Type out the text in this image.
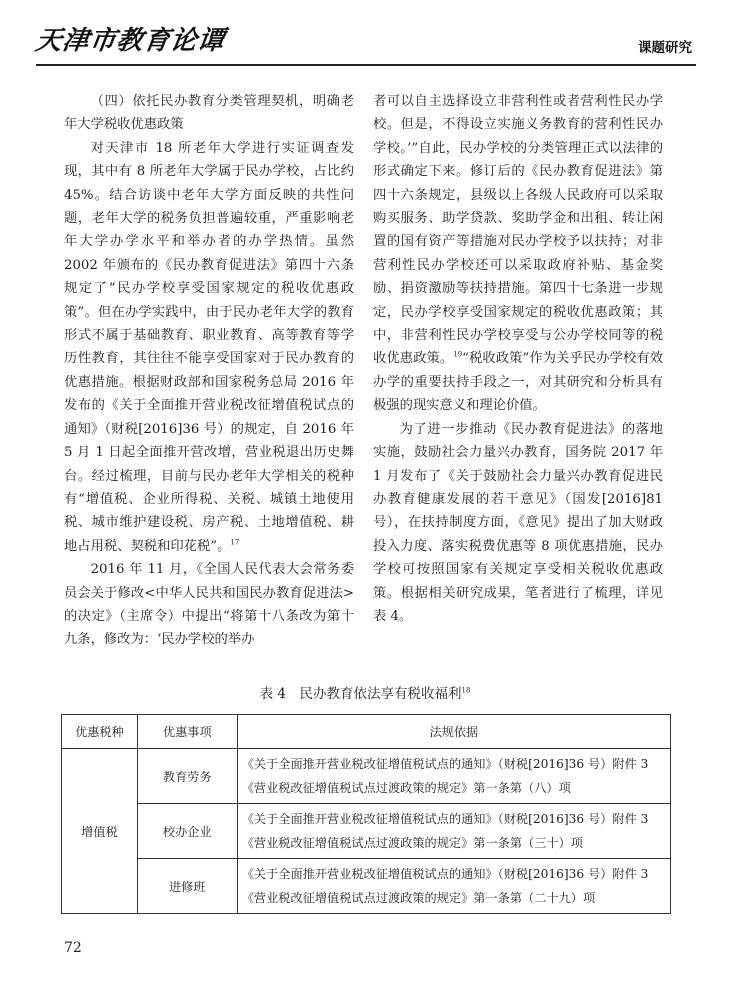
天津市教育论谭	课题研究

（四）依托民办教育分类管理契机，明确老年大学税收优惠政策

对天津市 18 所老年大学进行实证调查发现，其中有 8 所老年大学属于民办学校，占比约 45%。结合访谈中老年大学方面反映的共性问题，老年大学的税务负担普遍较重，严重影响老年大学办学水平和举办者的办学热情。虽然 2002 年颁布的《民办教育促进法》第四十六条规定了“民办学校享受国家规定的税收优惠政策”。但在办学实践中，由于民办老年大学的教育形式不属于基础教育、职业教育、高等教育等学历性教育，其往往不能享受国家对于民办教育的优惠措施。根据财政部和国家税务总局 2016 年发布的《关于全面推开营业税改征增值税试点的通知》（财税[2016]36 号）的规定，自 2016 年 5 月 1 日起全面推开营改增，营业税退出历史舞台。经过梳理，目前与民办老年大学相关的税种有“增值税、企业所得税、关税、城镇土地使用税、城市维护建设税、房产税、土地增值税、耕地占用税、契税和印花税”。$^{17}$

2016 年 11 月，《全国人民代表大会常务委员会关于修改<中华人民共和国民办教育促进法>的决定》（主席令）中提出“将第十八条改为第十九条，修改为：‘民办学校的举办

者可以自主选择设立非营利性或者营利性民办学校。但是，不得设立实施义务教育的营利性民办学校。’”自此，民办学校的分类管理正式以法律的形式确定下来。修订后的《民办教育促进法》第四十六条规定，县级以上各级人民政府可以采取购买服务、助学贷款、奖助学金和出租、转让闲置的国有资产等措施对民办学校予以扶持；对非营利性民办学校还可以采取政府补贴、基金奖励、捐资激励等扶持措施。第四十七条进一步规定，民办学校享受国家规定的税收优惠政策；其中，非营利性民办学校享受与公办学校同等的税收优惠政策。$^{19}$“税收政策”作为关乎民办学校有效办学的重要扶持手段之一，对其研究和分析具有极强的现实意义和理论价值。

为了进一步推动《民办教育促进法》的落地实施，鼓励社会力量兴办教育，国务院 2017 年 1 月发布了《关于鼓励社会力量兴办教育促进民办教育健康发展的若干意见》（国发[2016]81 号），在扶持制度方面，《意见》提出了加大财政投入力度、落实税费优惠等 8 项优惠措施，民办学校可按照国家有关规定享受相关税收优惠政策。根据相关研究成果，笔者进行了梳理，详见表 4。

表 4　民办教育依法享有税收福利$^{18}$
优惠税种	优惠事项	法规依据
增值税	教育劳务	《关于全面推开营业税改征增值税试点的通知》（财税[2016]36 号）附件 3
《营业税改征增值税试点过渡政策的规定》第一条第（八）项

	校办企业	《关于全面推开营业税改征增值税试点的通知》（财税[2016]36 号）附件 3
《营业税改征增值税试点过渡政策的规定》第一条第（三十）项

	进修班	《关于全面推开营业税改征增值税试点的通知》（财税[2016]36 号）附件 3
《营业税改征增值税试点过渡政策的规定》第一条第（二十九）项
72
